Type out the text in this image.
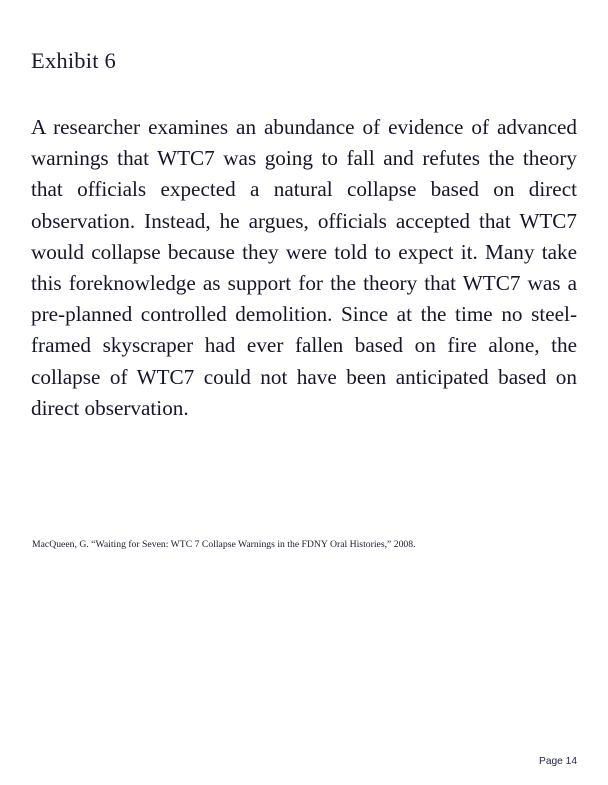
Exhibit 6

A researcher examines an abundance of evidence of advanced warnings that WTC7 was going to fall and refutes the theory that officials expected a natural collapse based on direct observation. Instead, he argues, officials accepted that WTC7 would collapse because they were told to expect it. Many take this foreknowledge as support for the theory that WTC7 was a pre-planned controlled demolition. Since at the time no steel-framed skyscraper had ever fallen based on fire alone, the collapse of WTC7 could not have been anticipated based on direct observation.

MacQueen, G. “Waiting for Seven: WTC 7 Collapse Warnings in the FDNY Oral Histories,” 2008.
Page 14
